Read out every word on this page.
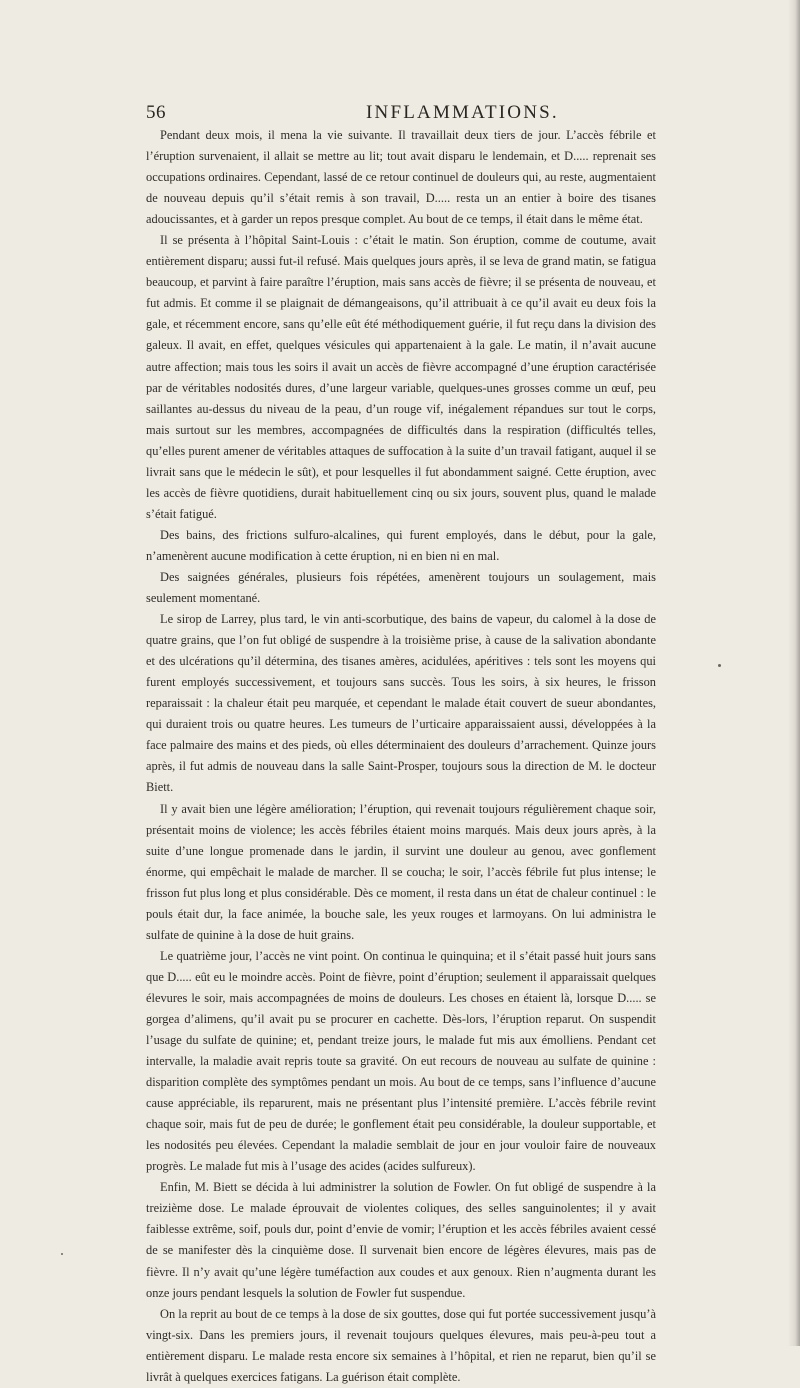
56	INFLAMMATIONS.

Pendant deux mois, il mena la vie suivante. Il travaillait deux tiers de jour. L’accès fébrile et l’éruption survenaient, il allait se mettre au lit; tout avait disparu le lendemain, et D..... reprenait ses occupations ordinaires. Cependant, lassé de ce retour continuel de douleurs qui, au reste, augmentaient de nouveau depuis qu’il s’était remis à son travail, D..... resta un an entier à boire des tisanes adoucissantes, et à garder un repos presque complet. Au bout de ce temps, il était dans le même état.

Il se présenta à l’hôpital Saint-Louis : c’était le matin. Son éruption, comme de coutume, avait entièrement disparu; aussi fut-il refusé. Mais quelques jours après, il se leva de grand matin, se fatigua beaucoup, et parvint à faire paraître l’éruption, mais sans accès de fièvre; il se présenta de nouveau, et fut admis. Et comme il se plaignait de démangeaisons, qu’il attribuait à ce qu’il avait eu deux fois la gale, et récemment encore, sans qu’elle eût été méthodiquement guérie, il fut reçu dans la division des galeux. Il avait, en effet, quelques vésicules qui appartenaient à la gale. Le matin, il n’avait aucune autre affection; mais tous les soirs il avait un accès de fièvre accompagné d’une éruption caractérisée par de véritables nodosités dures, d’une largeur variable, quelques-unes grosses comme un œuf, peu saillantes au-dessus du niveau de la peau, d’un rouge vif, inégalement répandues sur tout le corps, mais surtout sur les membres, accompagnées de difficultés dans la respiration (difficultés telles, qu’elles purent amener de véritables attaques de suffocation à la suite d’un travail fatigant, auquel il se livrait sans que le médecin le sût), et pour lesquelles il fut abondamment saigné. Cette éruption, avec les accès de fièvre quotidiens, durait habituellement cinq ou six jours, souvent plus, quand le malade s’était fatigué.

Des bains, des frictions sulfuro-alcalines, qui furent employés, dans le début, pour la gale, n’amenèrent aucune modification à cette éruption, ni en bien ni en mal.

Des saignées générales, plusieurs fois répétées, amenèrent toujours un soulagement, mais seulement momentané.

Le sirop de Larrey, plus tard, le vin anti-scorbutique, des bains de vapeur, du calomel à la dose de quatre grains, que l’on fut obligé de suspendre à la troisième prise, à cause de la salivation abondante et des ulcérations qu’il détermina, des tisanes amères, acidulées, apéritives : tels sont les moyens qui furent employés successivement, et toujours sans succès. Tous les soirs, à six heures, le frisson reparaissait : la chaleur était peu marquée, et cependant le malade était couvert de sueur abondantes, qui duraient trois ou quatre heures. Les tumeurs de l’urticaire apparaissaient aussi, développées à la face palmaire des mains et des pieds, où elles déterminaient des douleurs d’arrachement. Quinze jours après, il fut admis de nouveau dans la salle Saint-Prosper, toujours sous la direction de M. le docteur Biett.

Il y avait bien une légère amélioration; l’éruption, qui revenait toujours régulièrement chaque soir, présentait moins de violence; les accès fébriles étaient moins marqués. Mais deux jours après, à la suite d’une longue promenade dans le jardin, il survint une douleur au genou, avec gonflement énorme, qui empêchait le malade de marcher. Il se coucha; le soir, l’accès fébrile fut plus intense; le frisson fut plus long et plus considérable. Dès ce moment, il resta dans un état de chaleur continuel : le pouls était dur, la face animée, la bouche sale, les yeux rouges et larmoyans. On lui administra le sulfate de quinine à la dose de huit grains.

Le quatrième jour, l’accès ne vint point. On continua le quinquina; et il s’était passé huit jours sans que D..... eût eu le moindre accès. Point de fièvre, point d’éruption; seulement il apparaissait quelques élevures le soir, mais accompagnées de moins de douleurs. Les choses en étaient là, lorsque D..... se gorgea d’alimens, qu’il avait pu se procurer en cachette. Dès-lors, l’éruption reparut. On suspendit l’usage du sulfate de quinine; et, pendant treize jours, le malade fut mis aux émolliens. Pendant cet intervalle, la maladie avait repris toute sa gravité. On eut recours de nouveau au sulfate de quinine : disparition complète des symptômes pendant un mois. Au bout de ce temps, sans l’influence d’aucune cause appréciable, ils reparurent, mais ne présentant plus l’intensité première. L’accès fébrile revint chaque soir, mais fut de peu de durée; le gonflement était peu considérable, la douleur supportable, et les nodosités peu élevées. Cependant la maladie semblait de jour en jour vouloir faire de nouveaux progrès. Le malade fut mis à l’usage des acides (acides sulfureux).

Enfin, M. Biett se décida à lui administrer la solution de Fowler. On fut obligé de suspendre à la treizième dose. Le malade éprouvait de violentes coliques, des selles sanguinolentes; il y avait faiblesse extrême, soif, pouls dur, point d’envie de vomir; l’éruption et les accès fébriles avaient cessé de se manifester dès la cinquième dose. Il survenait bien encore de légères élevures, mais pas de fièvre. Il n’y avait qu’une légère tuméfaction aux coudes et aux genoux. Rien n’augmenta durant les onze jours pendant lesquels la solution de Fowler fut suspendue.

On la reprit au bout de ce temps à la dose de six gouttes, dose qui fut portée successivement jusqu’à vingt-six. Dans les premiers jours, il revenait toujours quelques élevures, mais peu-à-peu tout a entièrement disparu. Le malade resta encore six semaines à l’hôpital, et rien ne reparut, bien qu’il se livrât à quelques exercices fatigans. La guérison était complète.
